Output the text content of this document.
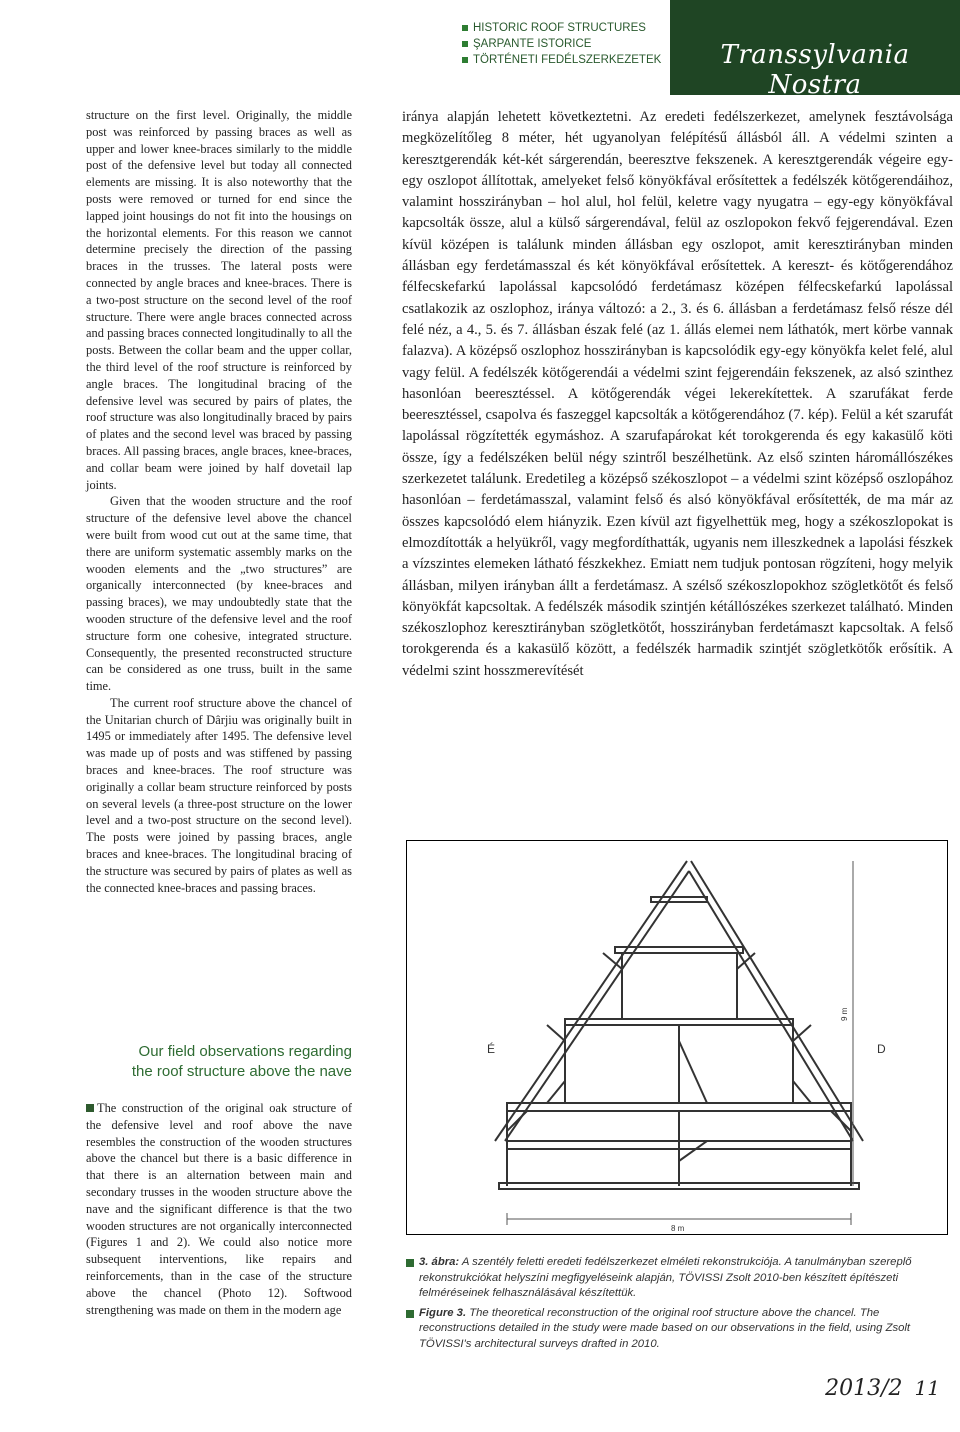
HISTORIC ROOF STRUCTURES
ŞARPANTE ISTORICE
TÖRTÉNETI FEDÉLSZERKEZETEK	Transsylvania Nostra

structure on the first level. Originally, the middle post was reinforced by passing braces as well as upper and lower knee-braces similarly to the middle post of the defensive level but today all connected elements are missing. It is also noteworthy that the posts were removed or turned for end since the lapped joint housings do not fit into the housings on the horizontal elements. For this reason we cannot determine precisely the direction of the passing braces in the trusses. The lateral posts were connected by angle braces and knee-braces. There is a two-post structure on the second level of the roof structure. There were angle braces connected across and passing braces connected longitudinally to all the posts. Between the collar beam and the upper collar, the third level of the roof structure is reinforced by angle braces. The longitudinal bracing of the defensive level was secured by pairs of plates, the roof structure was also longitudinally braced by pairs of plates and the second level was braced by passing braces. All passing braces, angle braces, knee-braces, and collar beam were joined by half dovetail lap joints.

Given that the wooden structure and the roof structure of the defensive level above the chancel were built from wood cut out at the same time, that there are uniform systematic assembly marks on the wooden elements and the „two structures” are organically interconnected (by knee-braces and passing braces), we may undoubtedly state that the wooden structure of the defensive level and the roof structure form one cohesive, integrated structure. Consequently, the presented reconstructed structure can be considered as one truss, built in the same time.

The current roof structure above the chancel of the Unitarian church of Dârjiu was originally built in 1495 or immediately after 1495. The defensive level was made up of posts and was stiffened by passing braces and knee-braces. The roof structure was originally a collar beam structure reinforced by posts on several levels (a three-post structure on the lower level and a two-post structure on the second level). The posts were joined by passing braces, angle braces and knee-braces. The longitudinal bracing of the structure was secured by pairs of plates as well as the connected knee-braces and passing braces.

Our field observations regarding
the roof structure above the nave

The construction of the original oak structure of the defensive level and roof above the nave resembles the construction of the wooden structures above the chancel but there is a basic difference in that there is an alternation between main and secondary trusses in the wooden structure above the nave and the significant difference is that the two wooden structures are not organically interconnected (Figures 1 and 2). We could also notice more subsequent interventions, like repairs and reinforcements, than in the case of the structure above the chancel (Photo 12). Softwood strengthening was made on them in the modern age

iránya alapján lehetett következtetni. Az eredeti fedélszerkezet, amelynek fesztávolsága megközelítőleg 8 méter, hét ugyanolyan felépítésű állásból áll. A védelmi szinten a keresztgerendák két-két sárgerendán, beeresztve fekszenek. A keresztgerendák végeire egy-egy oszlopot állítottak, amelyeket felső könyökfával erősítettek a fedélszék kötőgerendáihoz, valamint hosszirányban – hol alul, hol felül, keletre vagy nyugatra – egy-egy könyökfával kapcsolták össze, alul a külső sárgerendával, felül az oszlopokon fekvő fejgerendával. Ezen kívül középen is találunk minden állásban egy oszlopot, amit keresztirányban minden állásban egy ferdetámasszal és két könyökfával erősítettek. A kereszt- és kötőgerendához félfecskefarkú lapolással kapcsolódó ferdetámasz középen félfecskefarkú lapolással csatlakozik az oszlophoz, iránya változó: a 2., 3. és 6. állásban a ferdetámasz felső része dél felé néz, a 4., 5. és 7. állásban észak felé (az 1. állás elemei nem láthatók, mert körbe vannak falazva). A középső oszlophoz hosszirányban is kapcsolódik egy-egy könyökfa kelet felé, alul vagy felül. A fedélszék kötőgerendái a védelmi szint fejgerendáin fekszenek, az alsó szinthez hasonlóan beeresztéssel. A kötőgerendák végei lekerekítettek. A szarufákat ferde beeresztéssel, csapolva és faszeggel kapcsolták a kötőgerendához (7. kép). Felül a két szarufát lapolással rögzítették egymáshoz. A szarufapárokat két torokgerenda és egy kakasülő köti össze, így a fedélszéken belül négy szintről beszélhetünk. Az első szinten háromállószékes szerkezetet találunk. Eredetileg a középső székoszlopot – a védelmi szint középső oszlopához hasonlóan – ferdetámasszal, valamint felső és alsó könyökfával erősítették, de ma már az összes kapcsolódó elem hiányzik. Ezen kívül azt figyelhettük meg, hogy a székoszlopokat is elmozdították a helyükről, vagy megfordíthatták, ugyanis nem illeszkednek a lapolási fészkek a vízszintes elemeken látható fészkekhez. Emiatt nem tudjuk pontosan rögzíteni, hogy melyik állásban, milyen irányban állt a ferdetámasz. A szélső székoszlopokhoz szögletkötőt és felső könyökfát kapcsoltak. A fedélszék második szintjén kétállószékes szerkezet található. Minden székoszlophoz keresztirányban szögletkötőt, hosszirányban ferdetámaszt kapcsoltak. A felső torokgerenda és a kakasülő között, a fedélszék harmadik szintjét szögletkötők erősítik. A védelmi szint hosszmerevítését

É	D
8 m
9 m
3. ábra: A szentély feletti eredeti fedélszerkezet elméleti rekonstrukciója. A tanulmányban szereplő rekonstrukciókat helyszíni megfigyeléseink alapján, TÖVISSI Zsolt 2010-ben készített építészeti felméréseinek felhasználásával készítettük.
Figure 3. The theoretical reconstruction of the original roof structure above the chancel. The reconstructions detailed in the study were made based on our observations in the field, using Zsolt TÖVISSI's architectural surveys drafted in 2010.
2013/2 11
